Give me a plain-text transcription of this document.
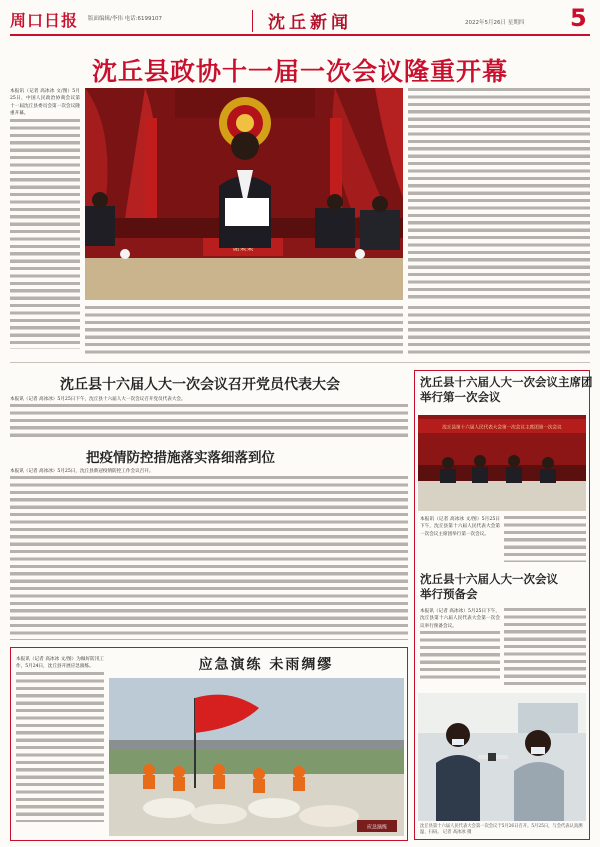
周口日报 版面编辑/李伟 电话:6199107	沈丘新闻	2022年5月26日 星期四 5
沈丘县政协十一届一次会议隆重开幕
本报讯（记者 高冰冰 文/图）5月25日，中国人民政治协商会议第十一届沈丘县委员会第一次会议隆重开幕。
沈丘县十六届人大一次会议召开党员代表大会
本报讯（记者 高冰冰）5月25日下午，沈丘县十六届人大一次会议召开党员代表大会。
把疫情防控措施落实落细落到位
本报讯（记者 高冰冰）5月25日，沈丘县新冠疫情防控工作会议召开。
沈丘县十六届人大一次会议主席团
举行第一次会议
沈丘县第十六届人民代表大会第一次会议主席团第一次会议
本报讯（记者 高冰冰 文/图）5月25日下午，沈丘县第十六届人民代表大会第一次会议主席团举行第一次会议。
沈丘县十六届人大一次会议
举行预备会
本报讯（记者 高冰冰）5月25日下午，沈丘县第十六届人民代表大会第一次会议举行预备会议。
沈丘县第十六届人民代表大会第一次会议于5月26日召开。5月25日，与会代表认真测温、扫码。 记者 高冰冰 摄
应急演练 未雨绸缪
本报讯（记者 高冰冰 文/图）为做好防汛工作，5月24日，沈丘县开展应急演练。
应急演练
